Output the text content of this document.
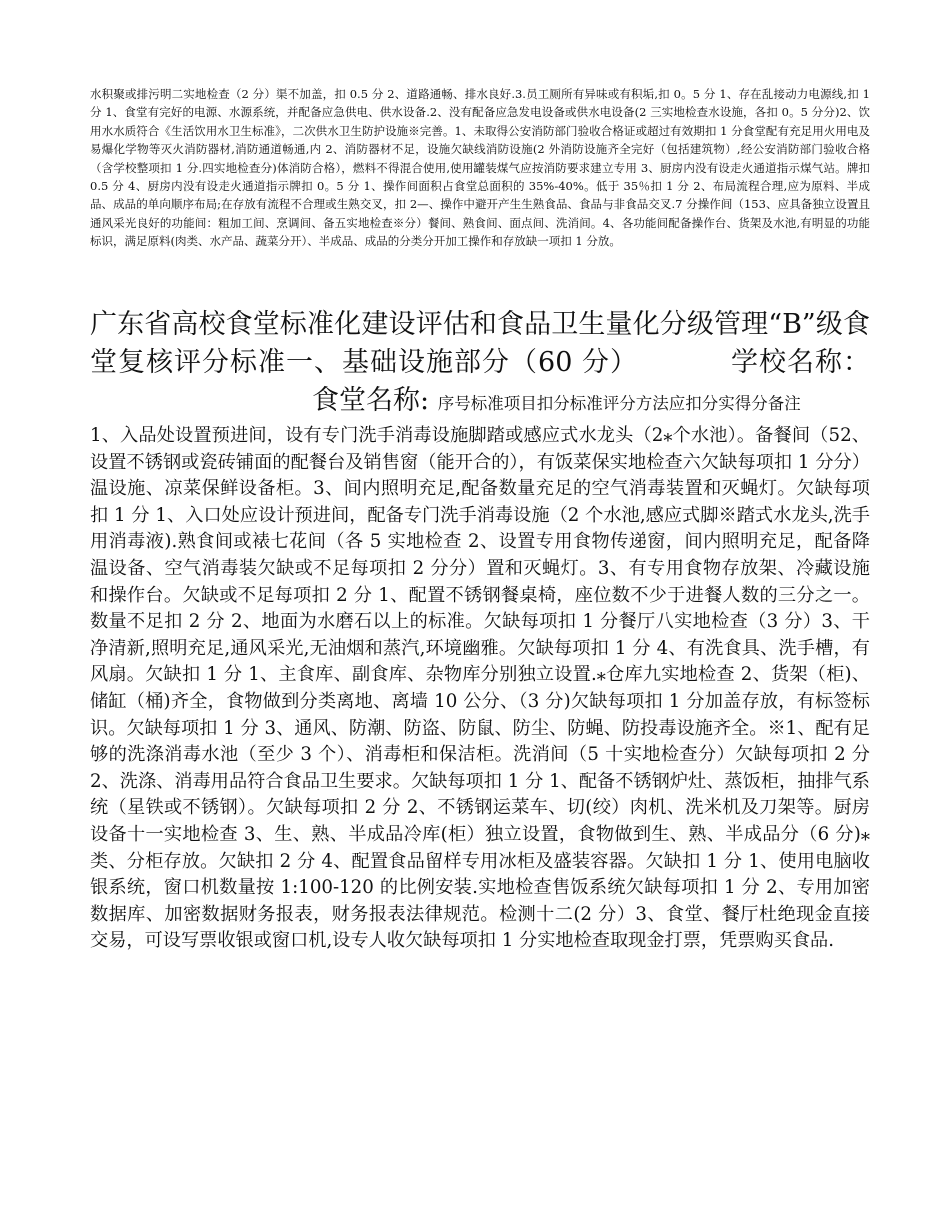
水积聚或排污明二实地检查（2 分）渠不加盖，扣 0.5 分 2、道路通畅、排水良好.3.员工厕所有异味或有积垢,扣 0。5 分 1、存在乱接动力电源线,扣 1 分 1、食堂有完好的电源、水源系统，并配备应急供电、供水设备.2、没有配备应急发电设备或供水电设备(2 三实地检查水设施，各扣 0。5 分分)2、饮用水水质符合《生活饮用水卫生标准》，二次供水卫生防护设施※完善。1、未取得公安消防部门验收合格证或超过有效期扣 1 分食堂配有充足用火用电及易爆化学物等灭火消防器材,消防通道畅通,内 2、消防器材不足，设施欠缺线消防设施(2 外消防设施齐全完好（包括建筑物）,经公安消防部门验收合格（含学校整项扣 1 分.四实地检查分)体消防合格），燃料不得混合使用,使用罐装煤气应按消防要求建立专用 3、厨房内没有设走火通道指示煤气站。牌扣 0.5 分 4、厨房内没有设走火通道指示牌扣 0。5 分 1、操作间面积占食堂总面积的 35%-40%。低于 35％扣 1 分 2、布局流程合理,应为原料、半成品、成品的单向顺序布局;在存放有流程不合理或生熟交叉，扣 2—、操作中避开产生生熟食品、食品与非食品交叉.7 分操作间（153、应具备独立设置且通风采光良好的功能间：粗加工间、烹调间、备五实地检查※分）餐间、熟食间、面点间、洗消间。4、各功能间配备操作台、货架及水池,有明显的功能标识，满足原料(肉类、水产品、蔬菜分开）、半成品、成品的分类分开加工操作和存放缺一项扣 1 分放。
广东省高校食堂标准化建设评估和食品卫生量化分级管理“B”级食堂复核评分标准一、基础设施部分（60 分）	学校名称：食堂名称: 序号标准项目扣分标准评分方法应扣分实得分备注
1、入品处设置预进间，设有专门洗手消毒设施脚踏或感应式水龙头（2⁎个水池）。备餐间（52、设置不锈钢或瓷砖铺面的配餐台及销售窗（能开合的），有饭菜保实地检查六欠缺每项扣 1 分分）温设施、凉菜保鲜设备柜。3、间内照明充足,配备数量充足的空气消毒装置和灭蝇灯。欠缺每项扣 1 分 1、入口处应设计预进间，配备专门洗手消毒设施（2 个水池,感应式脚※踏式水龙头,洗手用消毒液).熟食间或裱七花间（各 5 实地检查 2、设置专用食物传递窗，间内照明充足，配备降温设备、空气消毒装欠缺或不足每项扣 2 分分）置和灭蝇灯。3、有专用食物存放架、冷藏设施和操作台。欠缺或不足每项扣 2 分 1、配置不锈钢餐桌椅，座位数不少于进餐人数的三分之一。数量不足扣 2 分 2、地面为水磨石以上的标准。欠缺每项扣 1 分餐厅八实地检查（3 分）3、干净清新,照明充足,通风采光,无油烟和蒸汽,环境幽雅。欠缺每项扣 1 分 4、有洗食具、洗手槽，有风扇。欠缺扣 1 分 1、主食库、副食库、杂物库分别独立设置.⁎仓库九实地检查 2、货架（柜)、储缸（桶)齐全，食物做到分类离地、离墙 10 公分、（3 分)欠缺每项扣 1 分加盖存放，有标签标识。欠缺每项扣 1 分 3、通风、防潮、防盗、防鼠、防尘、防蝇、防投毒设施齐全。※1、配有足够的洗涤消毒水池（至少 3 个）、消毒柜和保洁柜。洗消间（5 十实地检查分）欠缺每项扣 2 分 2、洗涤、消毒用品符合食品卫生要求。欠缺每项扣 1 分 1、配备不锈钢炉灶、蒸饭柜，抽排气系统（星铁或不锈钢）。欠缺每项扣 2 分 2、不锈钢运菜车、切(绞）肉机、洗米机及刀架等。厨房设备十一实地检查 3、生、熟、半成品冷库(柜）独立设置，食物做到生、熟、半成品分（6 分)⁎类、分柜存放。欠缺扣 2 分 4、配置食品留样专用冰柜及盛装容器。欠缺扣 1 分 1、使用电脑收银系统，窗口机数量按 1:100-120 的比例安装.实地检查售饭系统欠缺每项扣 1 分 2、专用加密数据库、加密数据财务报表，财务报表法律规范。检测十二(2 分）3、食堂、餐厅杜绝现金直接交易，可设写票收银或窗口机,设专人收欠缺每项扣 1 分实地检查取现金打票，凭票购买食品.
